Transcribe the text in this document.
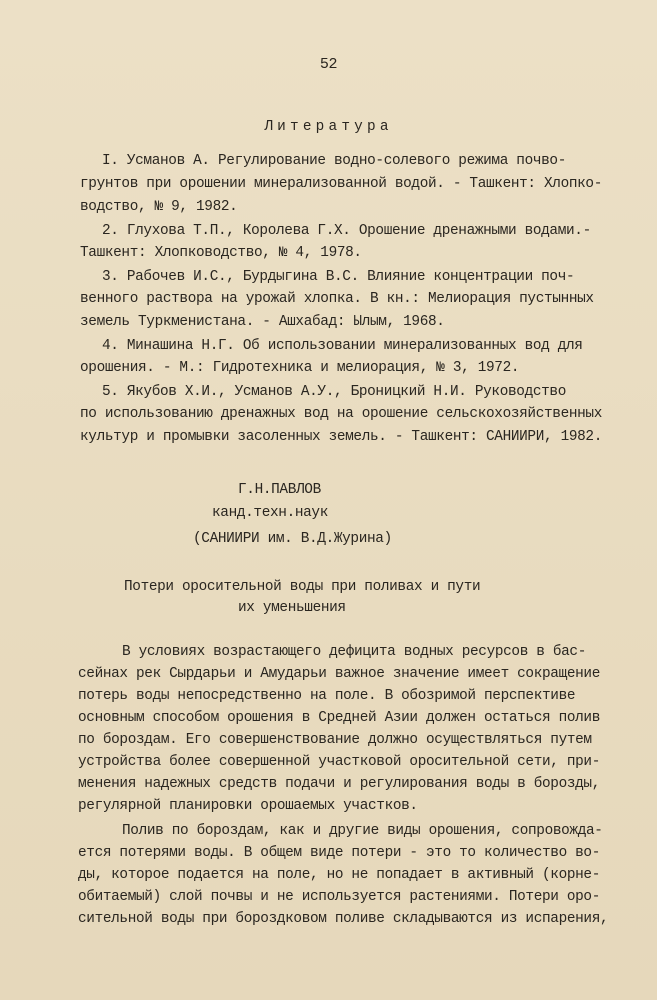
52
Литература
I. Усманов А. Регулирование водно-солевого режима почво-
грунтов при орошении минерализованной водой. - Ташкент: Хлопко-
водство, № 9, 1982.
2. Глухова Т.П., Королева Г.Х. Орошение дренажными водами.-
Ташкент: Хлопководство, № 4, 1978.
3. Рабочев И.С., Бурдыгина В.С. Влияние концентрации поч-
венного раствора на урожай хлопка. В кн.: Мелиорация пустынных
земель Туркменистана. - Ашхабад: Ылым, 1968.
4. Минашина Н.Г. Об использовании минерализованных вод для
орошения. - М.: Гидротехника и мелиорация, № 3, 1972.
5. Якубов Х.И., Усманов А.У., Броницкий Н.И. Руководство
по использованию дренажных вод на орошение сельскохозяйственных
культур и промывки засоленных земель. - Ташкент: САНИИРИ, 1982.
Г.Н.ПАВЛОВ
канд.техн.наук
(САНИИРИ им. В.Д.Журина)
Потери оросительной воды при поливах и пути
их уменьшения
В условиях возрастающего дефицита водных ресурсов в бас-
сейнах рек Сырдарьи и Амударьи важное значение имеет сокращение
потерь воды непосредственно на поле. В обозримой перспективе
основным способом орошения в Средней Азии должен остаться полив
по бороздам. Его совершенствование должно осуществляться путем
устройства более совершенной участковой оросительной сети, при-
менения надежных средств подачи и регулирования воды в борозды,
регулярной планировки орошаемых участков.
Полив по бороздам, как и другие виды орошения, сопровожда-
ется потерями воды. В общем виде потери - это то количество во-
ды, которое подается на поле, но не попадает в активный (корне-
обитаемый) слой почвы и не используется растениями. Потери оро-
сительной воды при бороздковом поливе складываются из испарения,
